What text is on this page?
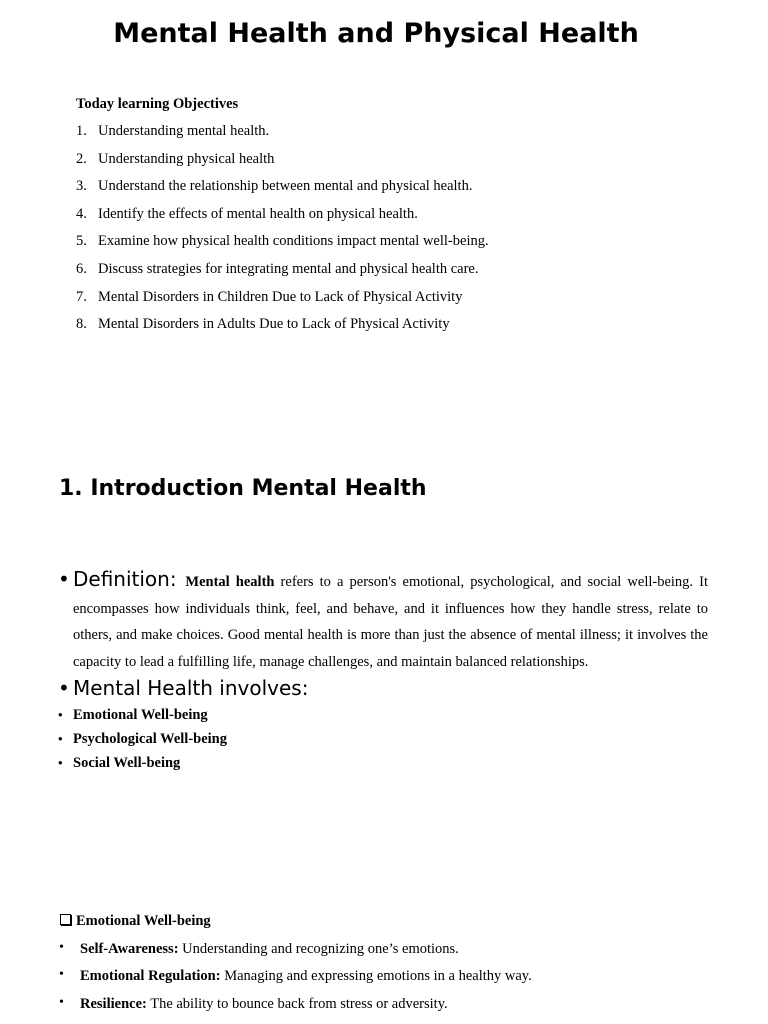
Mental Health and Physical Health
Today learning Objectives
1. Understanding mental health.
2. Understanding physical health
3. Understand the relationship between mental and physical health.
4. Identify the effects of mental health on physical health.
5. Examine how physical health conditions impact mental well-being.
6. Discuss strategies for integrating mental and physical health care.
7. Mental Disorders in Children Due to Lack of Physical Activity
8. Mental Disorders in Adults Due to Lack of Physical Activity
1. Introduction Mental Health
• Definition: Mental health refers to a person's emotional, psychological, and social well-being. It encompasses how individuals think, feel, and behave, and it influences how they handle stress, relate to others, and make choices. Good mental health is more than just the absence of mental illness; it involves the capacity to lead a fulfilling life, manage challenges, and maintain balanced relationships.

• Mental Health involves:
• Emotional Well-being
• Psychological Well-being
• Social Well-being
Emotional Well-being
• Self-Awareness: Understanding and recognizing one’s emotions.
• Emotional Regulation: Managing and expressing emotions in a healthy way.
• Resilience: The ability to bounce back from stress or adversity.
